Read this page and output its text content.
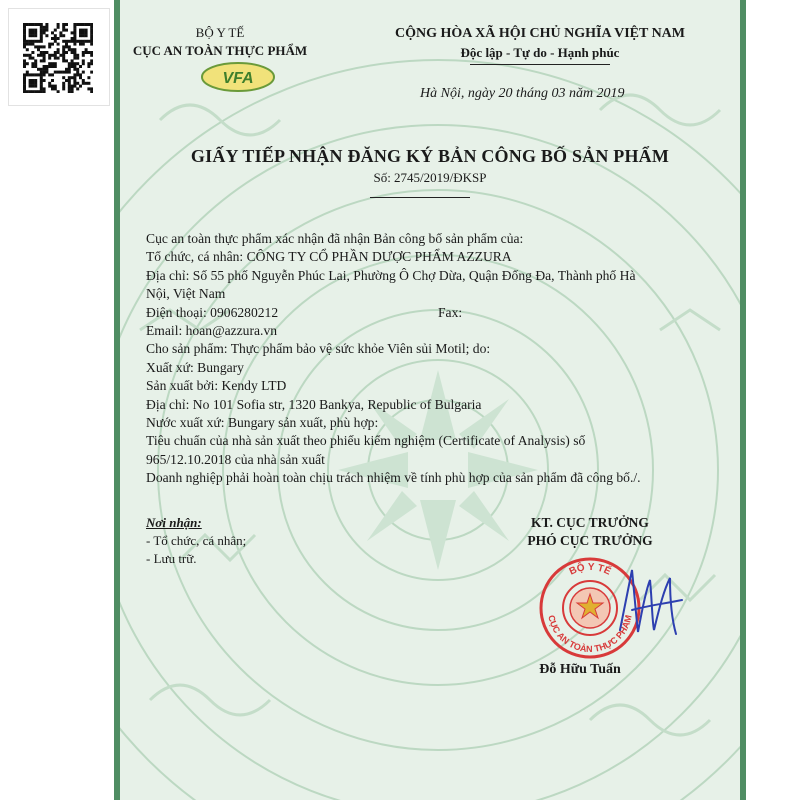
BỘ Y TẾ
CỤC AN TOÀN THỰC PHẨM
VFA
CỘNG HÒA XÃ HỘI CHỦ NGHĨA VIỆT NAM
Độc lập - Tự do - Hạnh phúc
Hà Nội, ngày 20 tháng 03 năm 2019
GIẤY TIẾP NHẬN ĐĂNG KÝ BẢN CÔNG BỐ SẢN PHẨM
Số: 2745/2019/ĐKSP

Cục an toàn thực phẩm xác nhận đã nhận Bản công bố sản phẩm của:

Tổ chức, cá nhân: CÔNG TY CỔ PHẦN DƯỢC PHẨM AZZURA

Địa chỉ: Số 55 phố Nguyễn Phúc Lai, Phường Ô Chợ Dừa, Quận Đống Đa, Thành phố Hà

Nội, Việt Nam

Điện thoại: 0906280212	Fax:

Email: hoan@azzura.vn

Cho sản phẩm: Thực phẩm bảo vệ sức khỏe Viên sủi Motil; do:

Xuất xứ: Bungary

Sản xuất bởi: Kendy LTD

Địa chỉ: No 101 Sofia str, 1320 Bankya, Republic of Bulgaria

Nước xuất xứ: Bungary sản xuất, phù hợp:

Tiêu chuẩn của nhà sản xuất theo phiếu kiểm nghiệm (Certificate of Analysis) số

965/12.10.2018 của nhà sản xuất

Doanh nghiệp phải hoàn toàn chịu trách nhiệm về tính phù hợp của sản phẩm đã công bố./.

Nơi nhận:
- Tổ chức, cá nhân;
- Lưu trữ.
KT. CỤC TRƯỞNG
PHÓ CỤC TRƯỞNG
BỘ Y TẾ
CỤC AN TOÀN THỰC PHẨM
Đỗ Hữu Tuấn
